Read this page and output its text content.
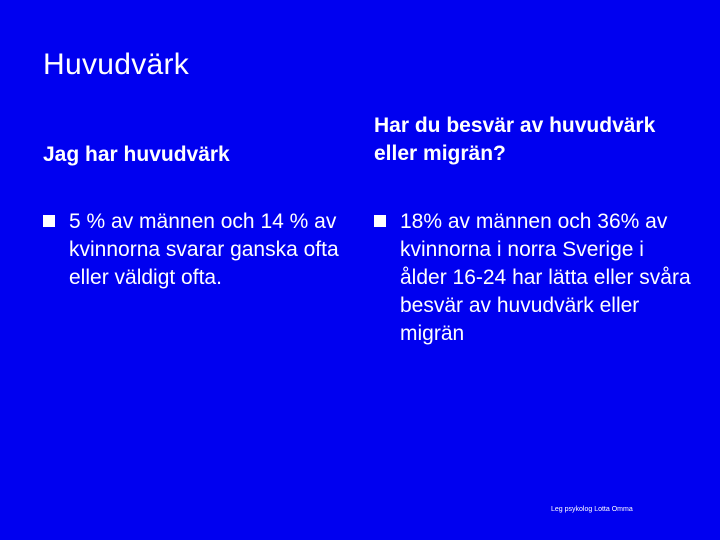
Huvudvärk
Jag har huvudvärk
Har du besvär av huvudvärk eller migrän?
5 % av männen och 14 % av kvinnorna svarar ganska ofta eller väldigt ofta.
18% av männen och 36% av kvinnorna i norra Sverige i ålder 16-24 har lätta eller svåra besvär av huvudvärk eller migrän
Leg psykolog Lotta Omma
